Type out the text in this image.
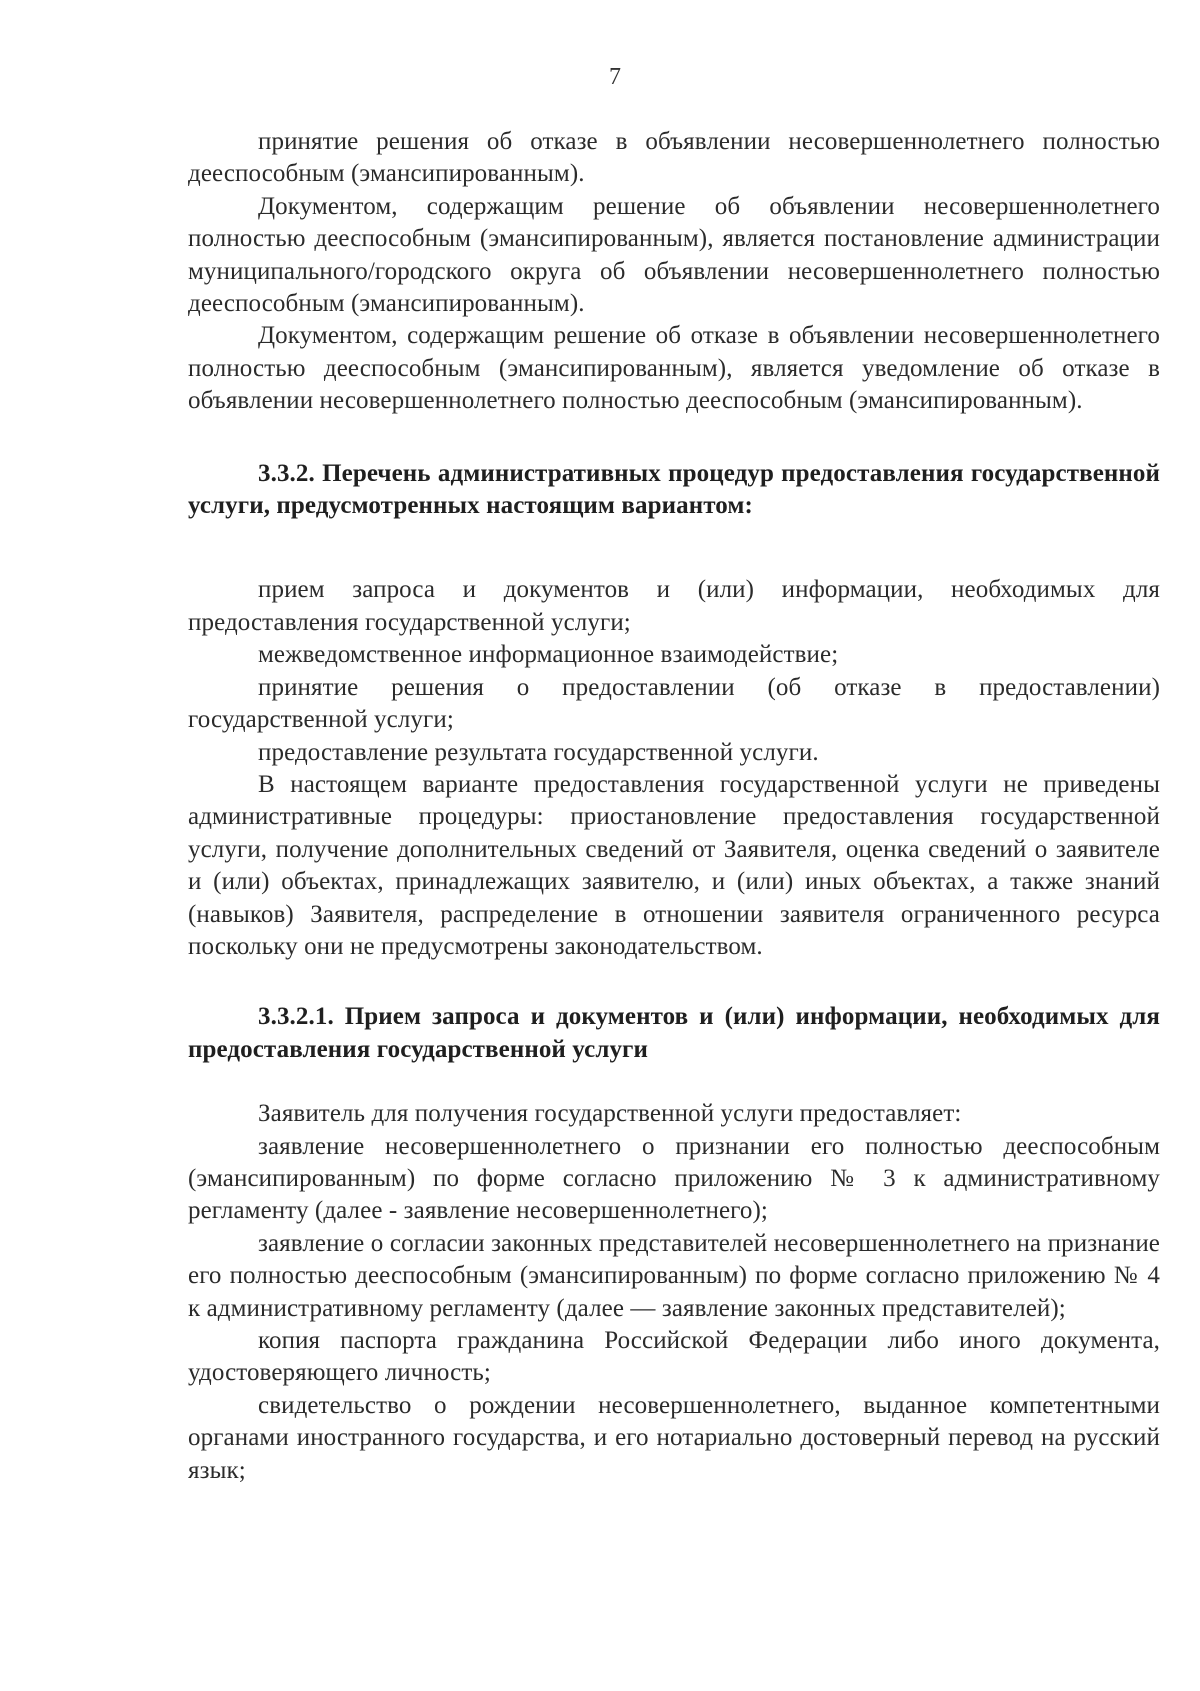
7

принятие решения об отказе в объявлении несовершеннолетнего полностью дееспособным (эмансипированным).

Документом, содержащим решение об объявлении несовершеннолетнего полностью дееспособным (эмансипированным), является постановление администрации муниципального/городского округа об объявлении несовершеннолетнего полностью дееспособным (эмансипированным).

Документом, содержащим решение об отказе в объявлении несовершеннолетнего полностью дееспособным (эмансипированным), является уведомление об отказе в объявлении несовершеннолетнего полностью дееспособным (эмансипированным).

3.3.2. Перечень административных процедур предоставления государственной услуги, предусмотренных настоящим вариантом:

прием запроса и документов и (или) информации, необходимых для предоставления государственной услуги;

межведомственное информационное взаимодействие;

принятие решения о предоставлении (об отказе в предоставлении) государственной услуги;

предоставление результата государственной услуги.

В настоящем варианте предоставления государственной услуги не приведены административные процедуры: приостановление предоставления государственной услуги, получение дополнительных сведений от Заявителя, оценка сведений о заявителе и (или) объектах, принадлежащих заявителю, и (или) иных объектах, а также знаний (навыков) Заявителя, распределение в отношении заявителя ограниченного ресурса поскольку они не предусмотрены законодательством.

3.3.2.1. Прием запроса и документов и (или) информации, необходимых для предоставления государственной услуги

Заявитель для получения государственной услуги предоставляет:

заявление несовершеннолетнего о признании его полностью дееспособным (эмансипированным) по форме согласно приложению № 3 к административному регламенту (далее - заявление несовершеннолетнего);

заявление о согласии законных представителей несовершеннолетнего на признание его полностью дееспособным (эмансипированным) по форме согласно приложению № 4 к административному регламенту (далее — заявление законных представителей);

копия паспорта гражданина Российской Федерации либо иного документа, удостоверяющего личность;

свидетельство о рождении несовершеннолетнего, выданное компетентными органами иностранного государства, и его нотариально достоверный перевод на русский язык;
